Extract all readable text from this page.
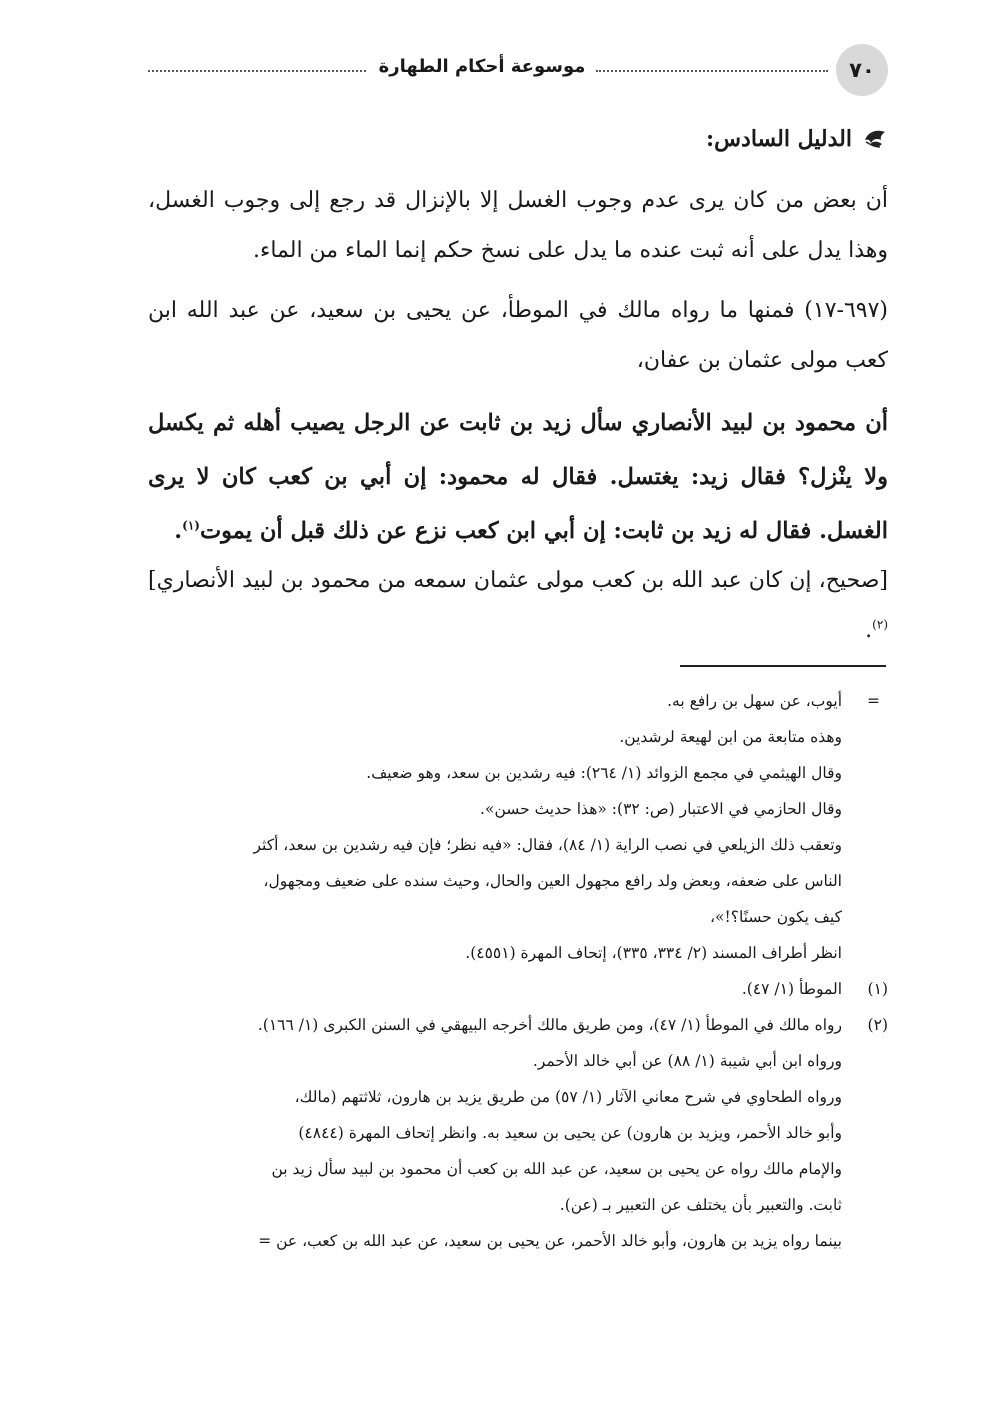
٧٠
موسوعة أحكام الطهارة
الدليل السادس:
أن بعض من كان يرى عدم وجوب الغسل إلا بالإنزال قد رجع إلى وجوب الغسل، وهذا يدل على أنه ثبت عنده ما يدل على نسخ حكم إنما الماء من الماء.
(٦٩٧-١٧) فمنها ما رواه مالك في الموطأ، عن يحيى بن سعيد، عن عبد الله ابن كعب مولى عثمان بن عفان،
أن محمود بن لبيد الأنصاري سأل زيد بن ثابت عن الرجل يصيب أهله ثم يكسل ولا ينْزل؟ فقال زيد: يغتسل. فقال له محمود: إن أبي بن كعب كان لا يرى الغسل. فقال له زيد بن ثابت: إن أبي ابن كعب نزع عن ذلك قبل أن يموت$^{(١)}$.
[صحيح، إن كان عبد الله بن كعب مولى عثمان سمعه من محمود بن لبيد الأنصاري]$^{(٢)}$.
=
أيوب، عن سهل بن رافع به.
وهذه متابعة من ابن لهيعة لرشدين.
وقال الهيثمي في مجمع الزوائد (١/ ٢٦٤): فيه رشدين بن سعد، وهو ضعيف.
وقال الحازمي في الاعتبار (ص: ٣٢): «هذا حديث حسن».
وتعقب ذلك الزيلعي في نصب الراية (١/ ٨٤)، فقال: «فيه نظر؛ فإن فيه رشدين بن سعد، أكثر
الناس على ضعفه، وبعض ولد رافع مجهول العين والحال، وحيث سنده على ضعيف ومجهول،
كيف يكون حسنًا؟!»،
انظر أطراف المسند (٢/ ٣٣٤، ٣٣٥)، إتحاف المهرة (٤٥٥١).
(١)
الموطأ (١/ ٤٧).
(٢)
رواه مالك في الموطأ (١/ ٤٧)، ومن طريق مالك أخرجه البيهقي في السنن الكبرى (١/ ١٦٦).
ورواه ابن أبي شيبة (١/ ٨٨) عن أبي خالد الأحمر.
ورواه الطحاوي في شرح معاني الآثار (١/ ٥٧) من طريق يزيد بن هارون، ثلاثتهم (مالك،
وأبو خالد الأحمر، ويزيد بن هارون) عن يحيى بن سعيد به. وانظر إتحاف المهرة (٤٨٤٤)
والإمام مالك رواه عن يحيى بن سعيد، عن عبد الله بن كعب أن محمود بن لبيد سأل زيد بن
ثابت. والتعبير بأن يختلف عن التعبير بـ (عن).
بينما رواه يزيد بن هارون، وأبو خالد الأحمر، عن يحيى بن سعيد، عن عبد الله بن كعب، عن =
